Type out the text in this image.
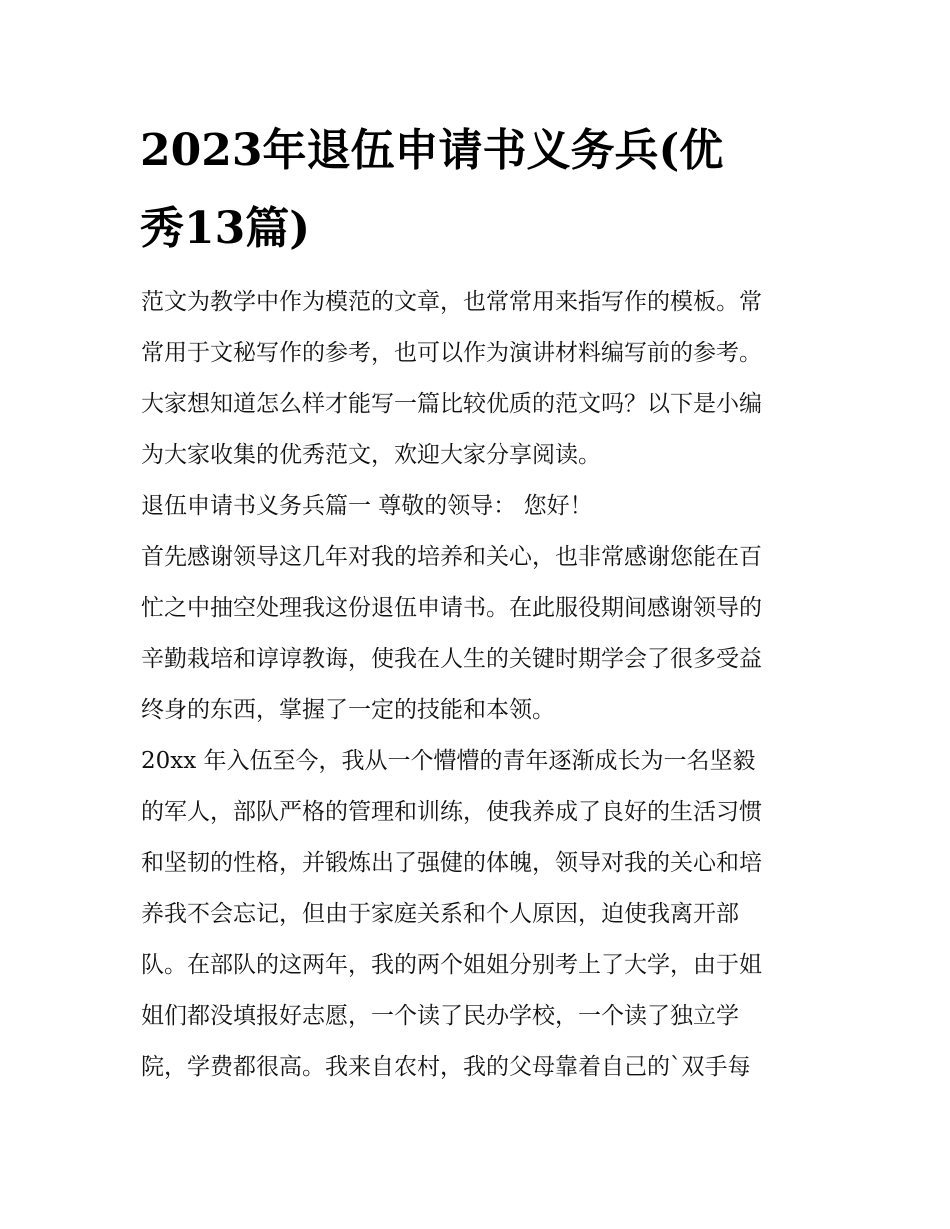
2023年退伍申请书义务兵(优
秀13篇)
范文为教学中作为模范的文章，也常常用来指写作的模板。常
常用于文秘写作的参考，也可以作为演讲材料编写前的参考。
大家想知道怎么样才能写一篇比较优质的范文吗？以下是小编
为大家收集的优秀范文，欢迎大家分享阅读。
退伍申请书义务兵篇一 尊敬的领导： 您好！
首先感谢领导这几年对我的培养和关心，也非常感谢您能在百
忙之中抽空处理我这份退伍申请书。在此服役期间感谢领导的
辛勤栽培和谆谆教诲，使我在人生的关键时期学会了很多受益
终身的东西，掌握了一定的技能和本领。
20xx 年入伍至今，我从一个懵懵的青年逐渐成长为一名坚毅
的军人，部队严格的管理和训练，使我养成了良好的生活习惯
和坚韧的性格，并锻炼出了强健的体魄，领导对我的关心和培
养我不会忘记，但由于家庭关系和个人原因，迫使我离开部
队。在部队的这两年，我的两个姐姐分别考上了大学，由于姐
姐们都没填报好志愿，一个读了民办学校，一个读了独立学
院，学费都很高。我来自农村，我的父母靠着自己的`双手每
